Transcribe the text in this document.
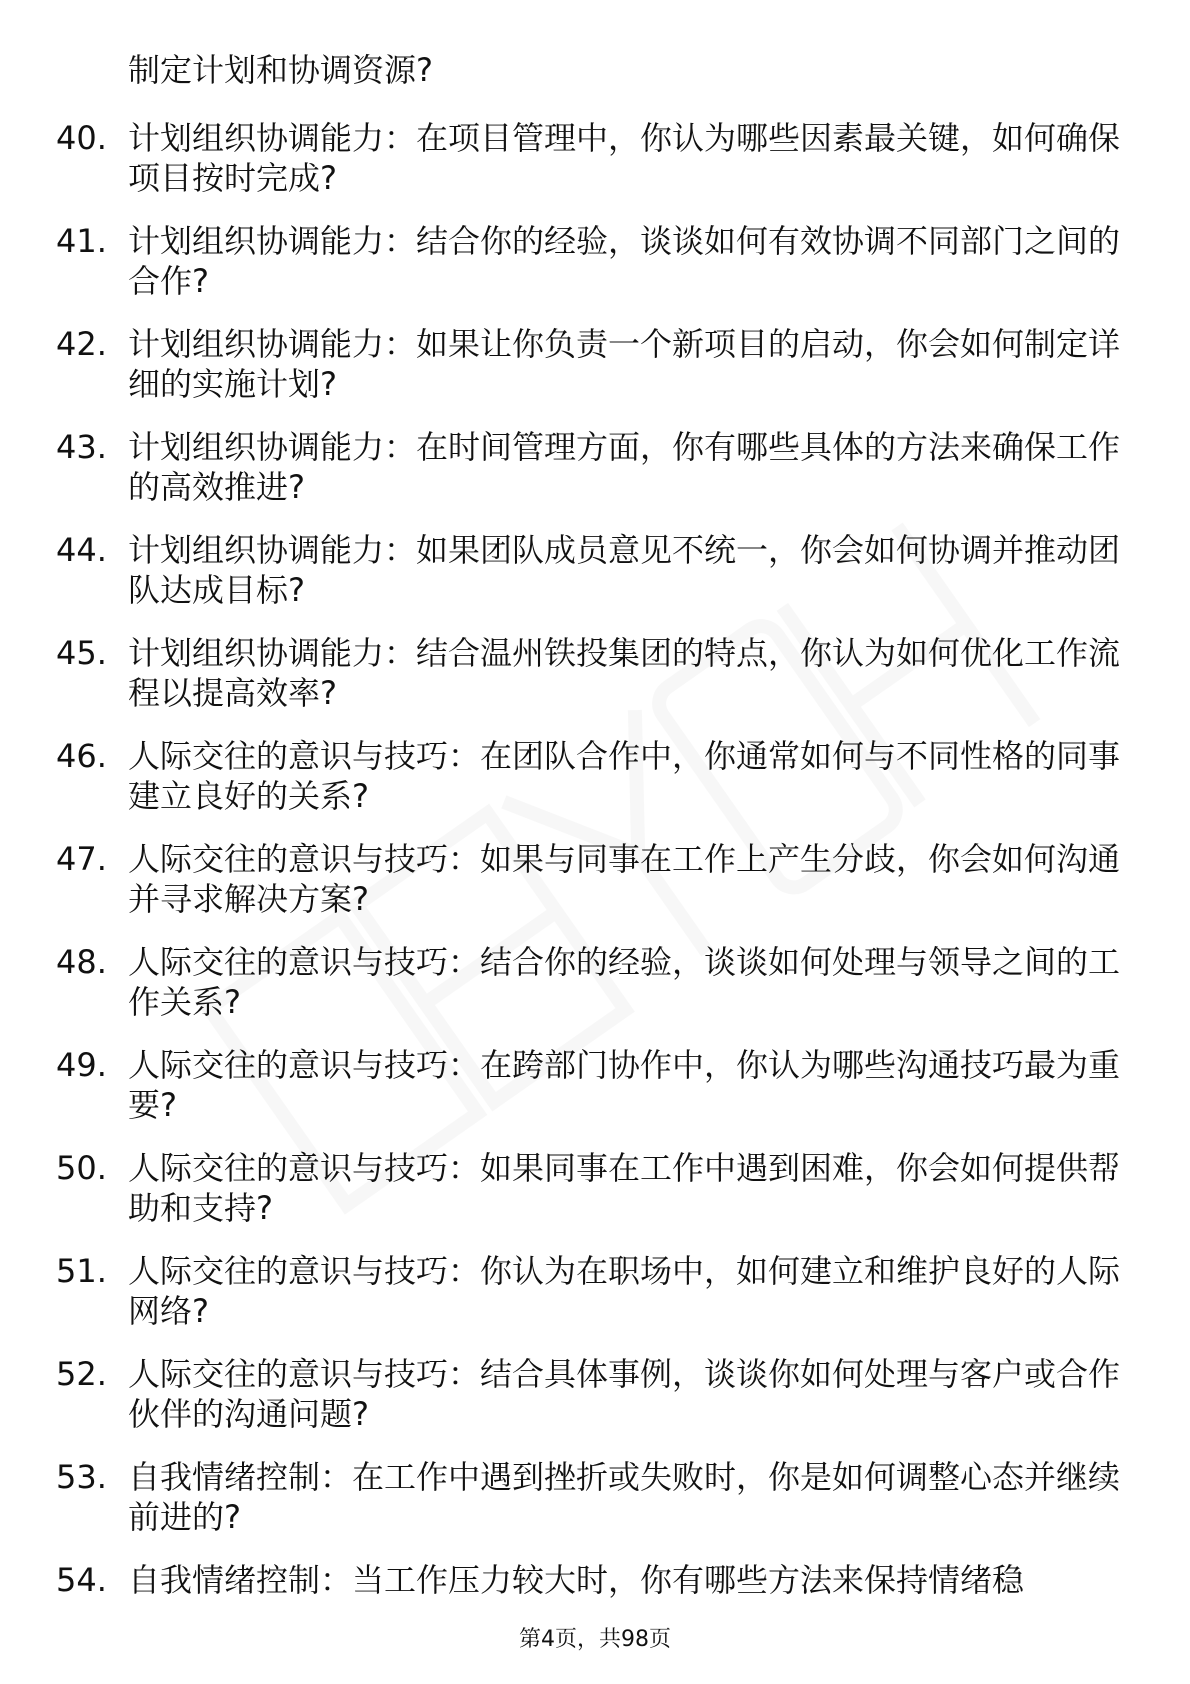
制定计划和协调资源?
40. 计划组织协调能力：在项目管理中，你认为哪些因素最关键，如何确保项目按时完成?
41. 计划组织协调能力：结合你的经验，谈谈如何有效协调不同部门之间的合作?
42. 计划组织协调能力：如果让你负责一个新项目的启动，你会如何制定详细的实施计划?
43. 计划组织协调能力：在时间管理方面，你有哪些具体的方法来确保工作的高效推进?
44. 计划组织协调能力：如果团队成员意见不统一，你会如何协调并推动团队达成目标?
45. 计划组织协调能力：结合温州铁投集团的特点，你认为如何优化工作流程以提高效率?
46. 人际交往的意识与技巧：在团队合作中，你通常如何与不同性格的同事建立良好的关系?
47. 人际交往的意识与技巧：如果与同事在工作上产生分歧，你会如何沟通并寻求解决方案?
48. 人际交往的意识与技巧：结合你的经验，谈谈如何处理与领导之间的工作关系?
49. 人际交往的意识与技巧：在跨部门协作中，你认为哪些沟通技巧最为重要?
50. 人际交往的意识与技巧：如果同事在工作中遇到困难，你会如何提供帮助和支持?
51. 人际交往的意识与技巧：你认为在职场中，如何建立和维护良好的人际网络?
52. 人际交往的意识与技巧：结合具体事例，谈谈你如何处理与客户或合作伙伴的沟通问题?
53. 自我情绪控制：在工作中遇到挫折或失败时，你是如何调整心态并继续前进的?
54. 自我情绪控制：当工作压力较大时，你有哪些方法来保持情绪稳
第4页，共98页
